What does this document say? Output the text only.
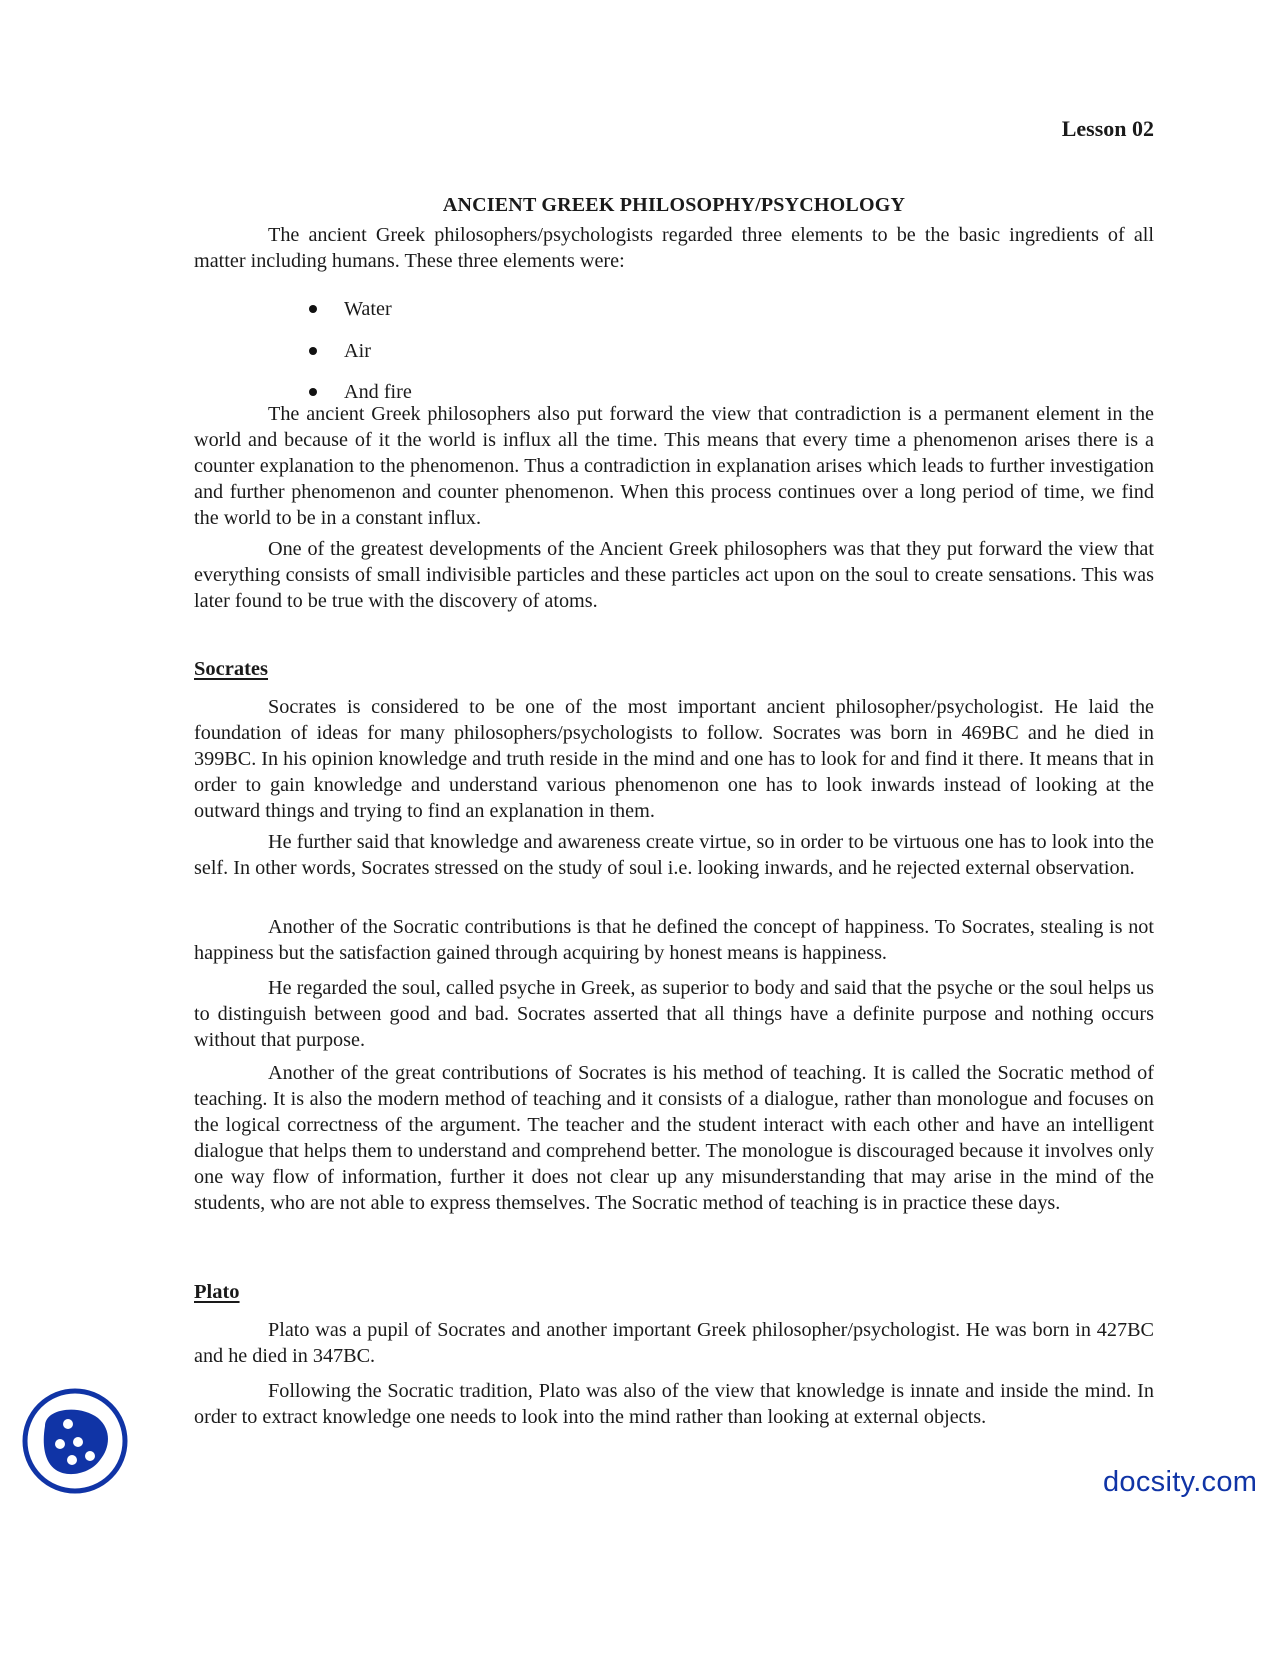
Lesson 02
ANCIENT GREEK PHILOSOPHY/PSYCHOLOGY

The ancient Greek philosophers/psychologists regarded three elements to be the basic ingredients of all matter including humans. These three elements were:

Water
Air
And fire

The ancient Greek philosophers also put forward the view that contradiction is a permanent element in the world and because of it the world is influx all the time. This means that every time a phenomenon arises there is a counter explanation to the phenomenon. Thus a contradiction in explanation arises which leads to further investigation and further phenomenon and counter phenomenon. When this process continues over a long period of time, we find the world to be in a constant influx.

One of the greatest developments of the Ancient Greek philosophers was that they put forward the view that everything consists of small indivisible particles and these particles act upon on the soul to create sensations. This was later found to be true with the discovery of atoms.

Socrates

Socrates is considered to be one of the most important ancient philosopher/psychologist. He laid the foundation of ideas for many philosophers/psychologists to follow. Socrates was born in 469BC and he died in 399BC. In his opinion knowledge and truth reside in the mind and one has to look for and find it there. It means that in order to gain knowledge and understand various phenomenon one has to look inwards instead of looking at the outward things and trying to find an explanation in them.

He further said that knowledge and awareness create virtue, so in order to be virtuous one has to look into the self. In other words, Socrates stressed on the study of soul i.e. looking inwards, and he rejected external observation.

Another of the Socratic contributions is that he defined the concept of happiness. To Socrates, stealing is not happiness but the satisfaction gained through acquiring by honest means is happiness.

He regarded the soul, called psyche in Greek, as superior to body and said that the psyche or the soul helps us to distinguish between good and bad. Socrates asserted that all things have a definite purpose and nothing occurs without that purpose.

Another of the great contributions of Socrates is his method of teaching. It is called the Socratic method of teaching. It is also the modern method of teaching and it consists of a dialogue, rather than monologue and focuses on the logical correctness of the argument. The teacher and the student interact with each other and have an intelligent dialogue that helps them to understand and comprehend better. The monologue is discouraged because it involves only one way flow of information, further it does not clear up any misunderstanding that may arise in the mind of the students, who are not able to express themselves. The Socratic method of teaching is in practice these days.

Plato

Plato was a pupil of Socrates and another important Greek philosopher/psychologist. He was born in 427BC and he died in 347BC.

Following the Socratic tradition, Plato was also of the view that knowledge is innate and inside the mind. In order to extract knowledge one needs to look into the mind rather than looking at external objects.

docsity.com
